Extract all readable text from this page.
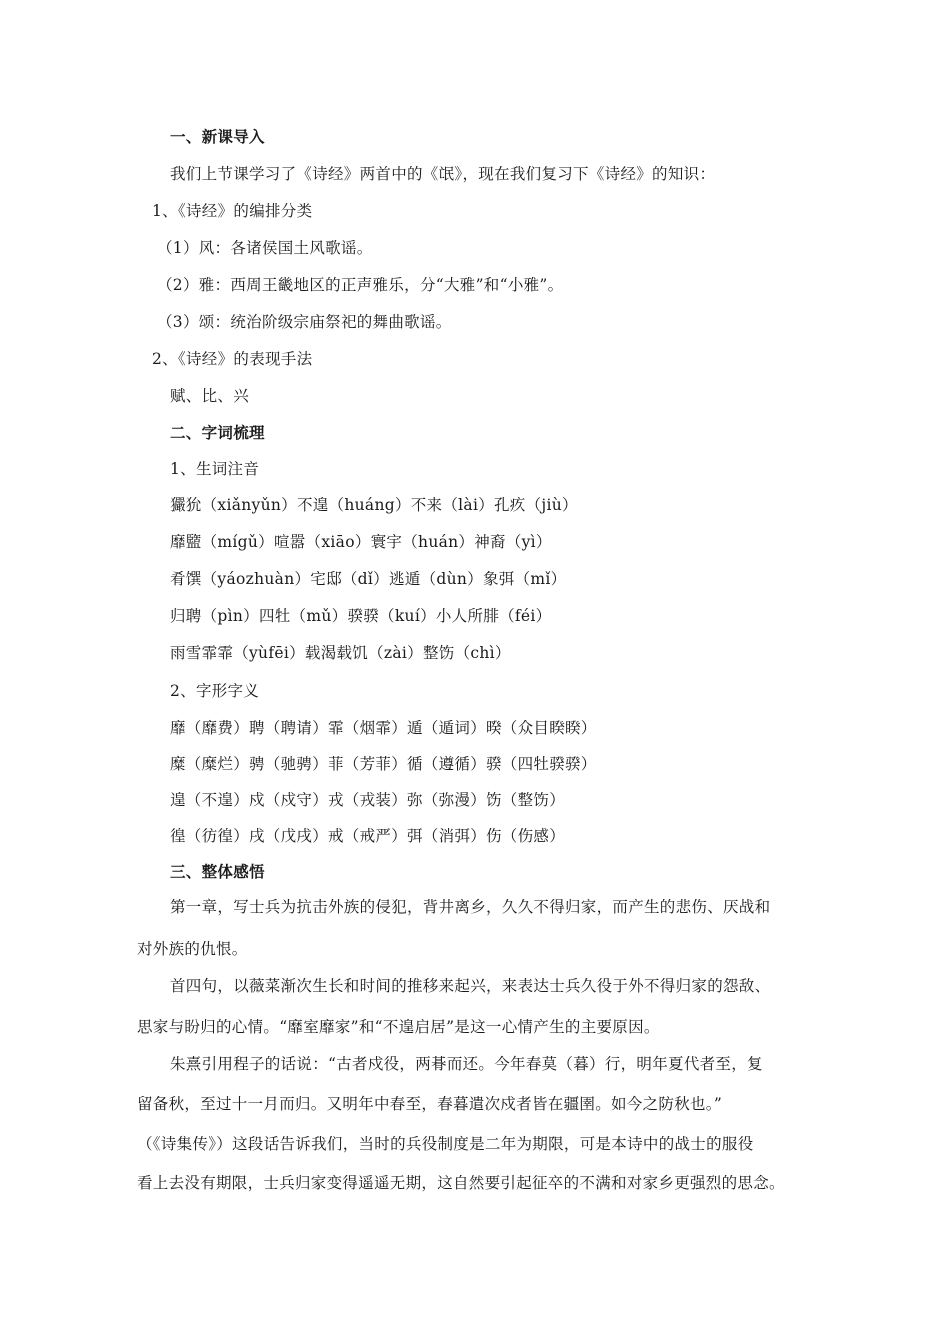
一、新课导入
我们上节课学习了《诗经》两首中的《氓》，现在我们复习下《诗经》的知识：
1、《诗经》的编排分类
（1）风：各诸侯国土风歌谣。
（2）雅：西周王畿地区的正声雅乐，分“大雅”和“小雅”。
（3）颂：统治阶级宗庙祭祀的舞曲歌谣。
2、《诗经》的表现手法
赋、比、兴
二、字词梳理
1、生词注音
玁狁（xiǎnyǔn）不遑（huáng）不来（lài）孔疚（jiù）
靡盬（mígǔ）喧嚣（xiāo）寰宇（huán）神裔（yì）
肴馔（yáozhuàn）宅邸（dǐ）逃遁（dùn）象弭（mǐ）
归聘（pìn）四牡（mǔ）骙骙（kuí）小人所腓（féi）
雨雪霏霏（yùfēi）载渴载饥（zài）整饬（chì）
2、字形字义
靡（靡费）聘（聘请）霏（烟霏）遁（遁词）暌（众目睽睽）
糜（糜烂）骋（驰骋）菲（芳菲）循（遵循）骙（四牡骙骙）
遑（不遑）戍（戍守）戎（戎装）弥（弥漫）饬（整饬）
徨（彷徨）戌（戊戌）戒（戒严）弭（消弭）伤（伤感）
三、整体感悟
第一章，写士兵为抗击外族的侵犯，背井离乡，久久不得归家，而产生的悲伤、厌战和
对外族的仇恨。
首四句，以薇菜渐次生长和时间的推移来起兴，来表达士兵久役于外不得归家的怨敌、
思家与盼归的心情。“靡室靡家”和“不遑启居”是这一心情产生的主要原因。
朱熹引用程子的话说：“古者戍役，两朞而还。今年春莫（暮）行，明年夏代者至，复
留备秋，至过十一月而归。又明年中春至，春暮遣次戍者皆在疆圉。如今之防秋也。”
（《诗集传》）这段话告诉我们，当时的兵役制度是二年为期限，可是本诗中的战士的服役
看上去没有期限，士兵归家变得遥遥无期，这自然要引起征卒的不满和对家乡更强烈的思念。
